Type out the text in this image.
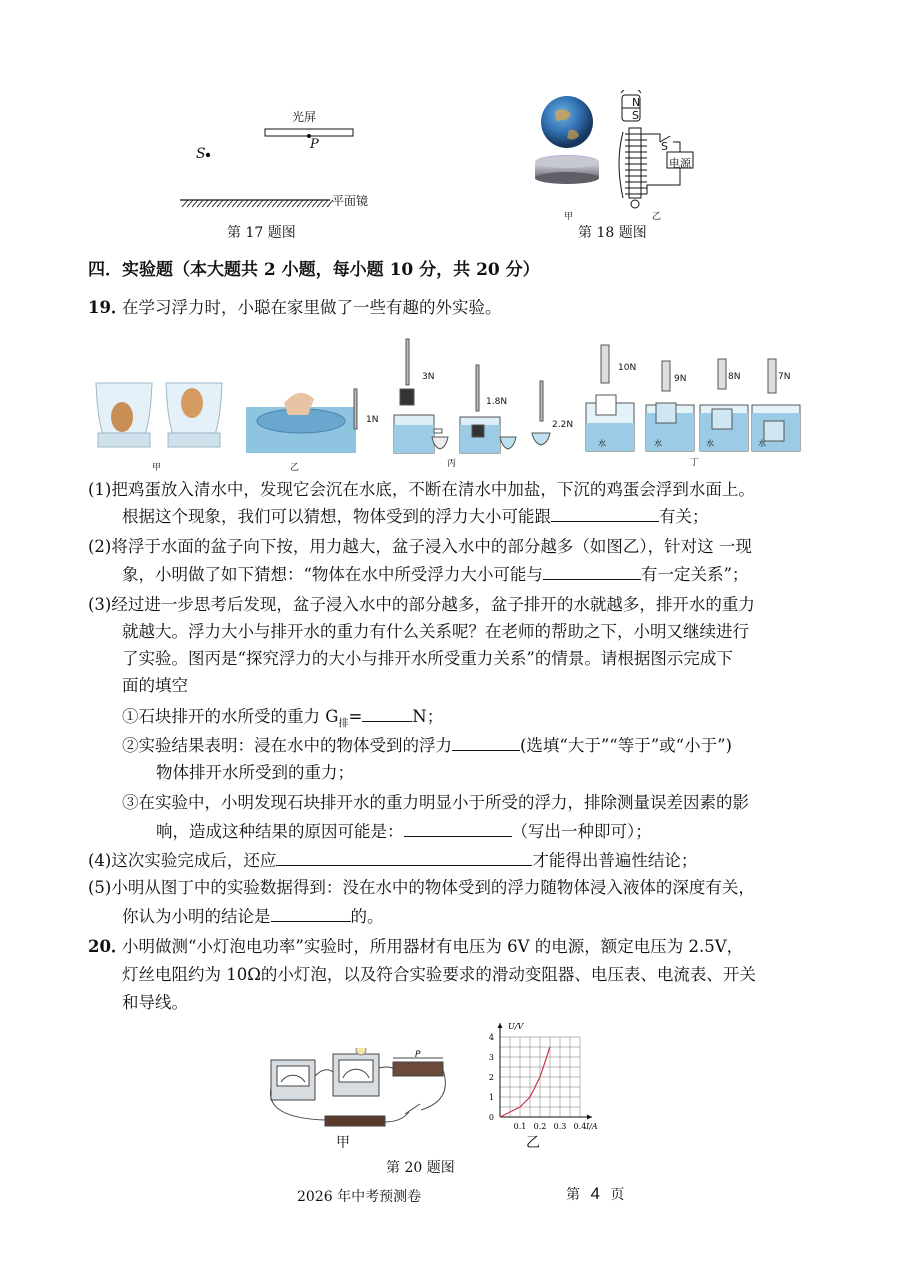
光屏
P
S
平面镜
第 17 题图
N
S
S
电源
甲	乙
第 18 题图
四．实验题（本大题共 2 小题，每小题 10 分，共 20 分）
19．
在学习浮力时，小聪在家里做了一些有趣的外实验。
甲	乙	丙	丁
1N
3N
1.8N
2.2N
10N
9N	8N	7N
水	水	水	水
(1)把鸡蛋放入清水中，发现它会沉在水底，不断在清水中加盐，下沉的鸡蛋会浮到水面上。
根据这个现象，我们可以猜想，物体受到的浮力大小可能跟	有关；
(2)将浮于水面的盆子向下按，用力越大，盆子浸入水中的部分越多（如图乙），针对这 一现
象，小明做了如下猜想：“物体在水中所受浮力大小可能与	有一定关系”；
(3)经过进一步思考后发现，盆子浸入水中的部分越多，盆子排开的水就越多，排开水的重力
就越大。浮力大小与排开水的重力有什么关系呢？在老师的帮助之下，小明又继续进行
了实验。图丙是“探究浮力的大小与排开水所受重力关系”的情景。请根据图示完成下
面的填空
①石块排开的水所受的重力 $G_排=$	N；
②实验结果表明：浸在水中的物体受到的浮力	(选填“大于”“等于”或“小于”)
物体排开水所受到的重力；
③在实验中，小明发现石块排开水的重力明显小于所受的浮力，排除测量误差因素的影
响，造成这种结果的原因可能是：	（写出一种即可）；
(4)这次实验完成后，还应	才能得出普遍性结论；
(5)小明从图丁中的实验数据得到：没在水中的物体受到的浮力随物体浸入液体的深度有关，
你认为小明的结论是	的。
20．
小明做测“小灯泡电功率”实验时，所用器材有电压为 6V 的电源，额定电压为 2.5V，
灯丝电阻约为 10Ω的小灯泡，以及符合实验要求的滑动变阻器、电压表、电流表、开关
和导线。
P
甲
0.1 0.2 0.3 0.4
0
1
2
3
4
U/V
I/A
乙
第 20 题图
2026 年中考预测卷	第 4 页
